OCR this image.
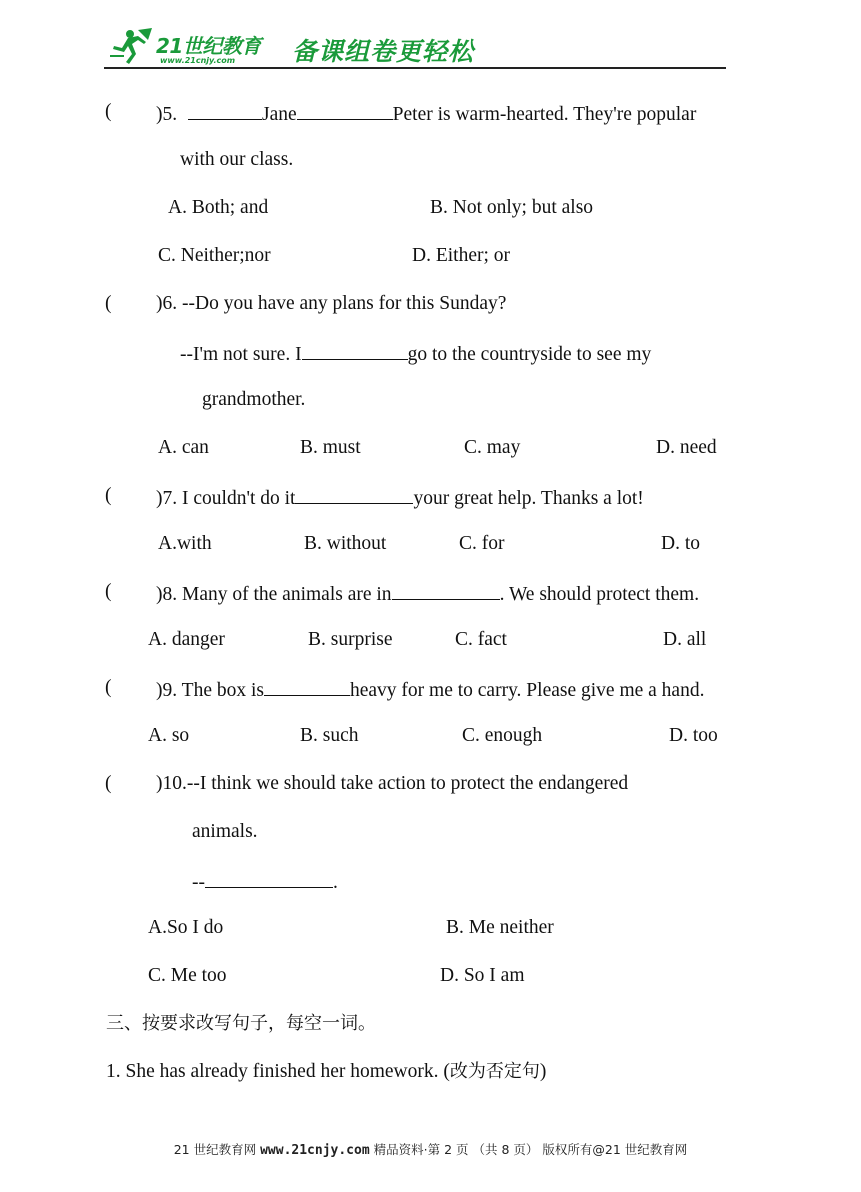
21世纪教育
www.21cnjy.com 备课组卷更轻松
( )5.	Jane	Peter is warm-hearted. They're popular
with our class.
A. Both; and	B. Not only; but also
C. Neither;nor	D. Either; or
( )6. --Do you have any plans for this Sunday?
--I'm not sure. I	go to the countryside to see my
grandmother.
A. can	B. must	C. may	D. need
( )7. I couldn't do it	your great help. Thanks a lot!
A.with	B. without	C. for	D. to
( )8. Many of the animals are in	. We should protect them.
A. danger	B. surprise	C. fact	D. all
( )9. The box is	heavy for me to carry. Please give me a hand.
A. so	B. such	C. enough	D. too
( )10.--I think we should take action to protect the endangered
animals.
--	.
A.So I do	B. Me neither
C. Me too	D. So I am
三、按要求改写句子，每空一词。
1. She has already finished her homework. (改为否定句)
21 世纪教育网 www.21cnjy.com 精品资料·第 2 页 （共 8 页） 版权所有@21 世纪教育网
